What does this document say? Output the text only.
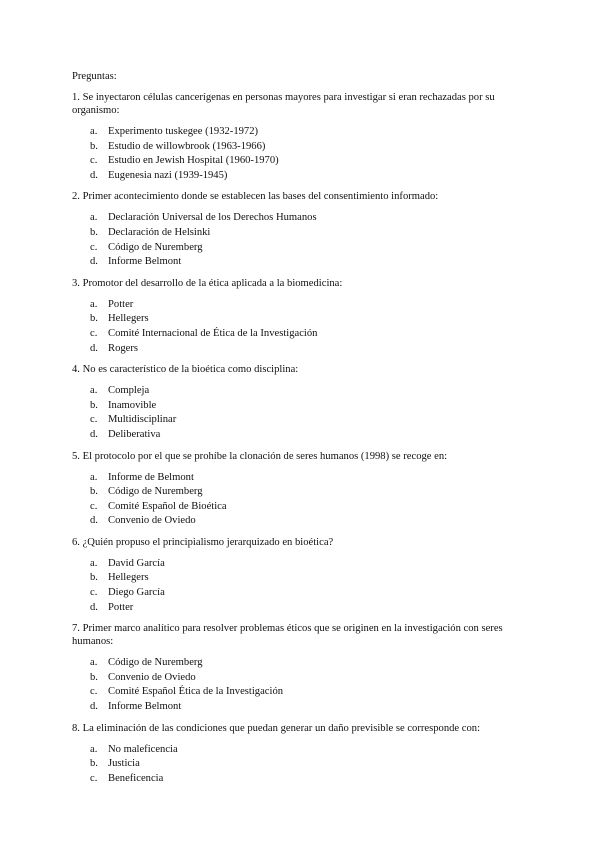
Preguntas:

1. Se inyectaron células cancerígenas en personas mayores para investigar si eran rechazadas por su organismo:

a. Experimento tuskegee (1932-1972)
b. Estudio de willowbrook (1963-1966)
c. Estudio en Jewish Hospital (1960-1970)
d. Eugenesia nazi (1939-1945)

2. Primer acontecimiento donde se establecen las bases del consentimiento informado:

a. Declaración Universal de los Derechos Humanos
b. Declaración de Helsinki
c. Código de Nuremberg
d. Informe Belmont

3. Promotor del desarrollo de la ética aplicada a la biomedicina:

a. Potter
b. Hellegers
c. Comité Internacional de Ética de la Investigación
d. Rogers

4. No es característico de la bioética como disciplina:

a. Compleja
b. Inamovible
c. Multidisciplinar
d. Deliberativa

5. El protocolo por el que se prohíbe la clonación de seres humanos (1998) se recoge en:

a. Informe de Belmont
b. Código de Nuremberg
c. Comité Español de Bioética
d. Convenio de Oviedo

6. ¿Quién propuso el principialismo jerarquizado en bioética?

a. David García
b. Hellegers
c. Diego García
d. Potter

7. Primer marco analítico para resolver problemas éticos que se originen en la investigación con seres humanos:

a. Código de Nuremberg
b. Convenio de Oviedo
c. Comité Español Ética de la Investigación
d. Informe Belmont

8. La eliminación de las condiciones que puedan generar un daño previsible se corresponde con:

a. No maleficencia
b. Justicia
c. Beneficencia
